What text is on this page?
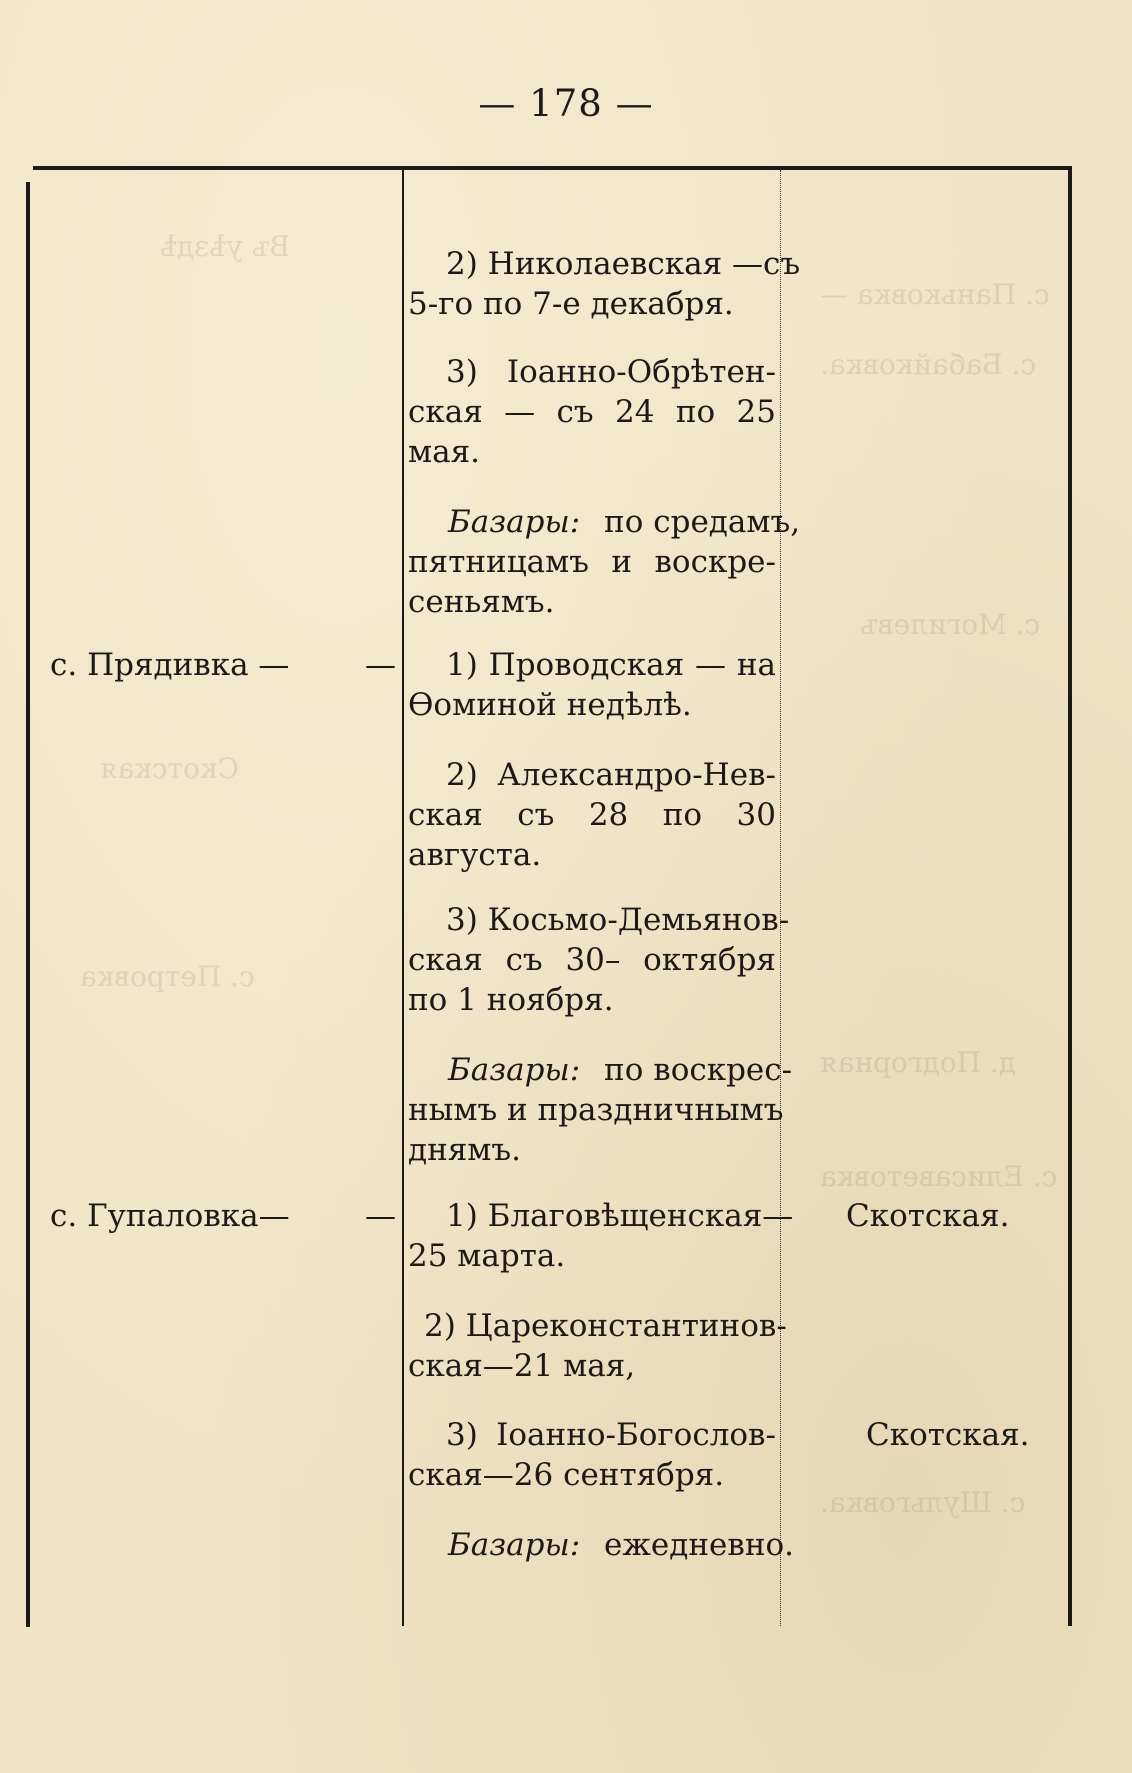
Въ уѣздѣ
с. Паньковка —
с. Бабайковка.
с. Могилевъ
Скотская
с. Петровка
д. Подгорная
с. Елисаветовка
с. Шульговка.
— 178 —
2) Николаевская —съ
5-го по 7-е декабря.
3) Іоанно-Обрѣтен-
ская — съ 24 по 25
мая.
Базары: по средамъ,
пятницамъ и воскре-
сеньямъ.
с. Прядивка — —	1) Проводская — на
Ѳоминой недѣлѣ.
2) Александро-Нев-
ская съ 28 по 30
августа.
3) Косьмо-Демьянов-
ская съ 30– октября
по 1 ноября.
Базары: по воскрес-
нымъ и праздничнымъ
днямъ.
с. Гупаловка— —	1) Благовѣщенская—
25 марта.
2) Цареконстантинов-
ская—21 мая,
3) Іоанно-Богослов-
ская—26 сентября.
Базары: ежедневно.
Скотская.
Скотская.
